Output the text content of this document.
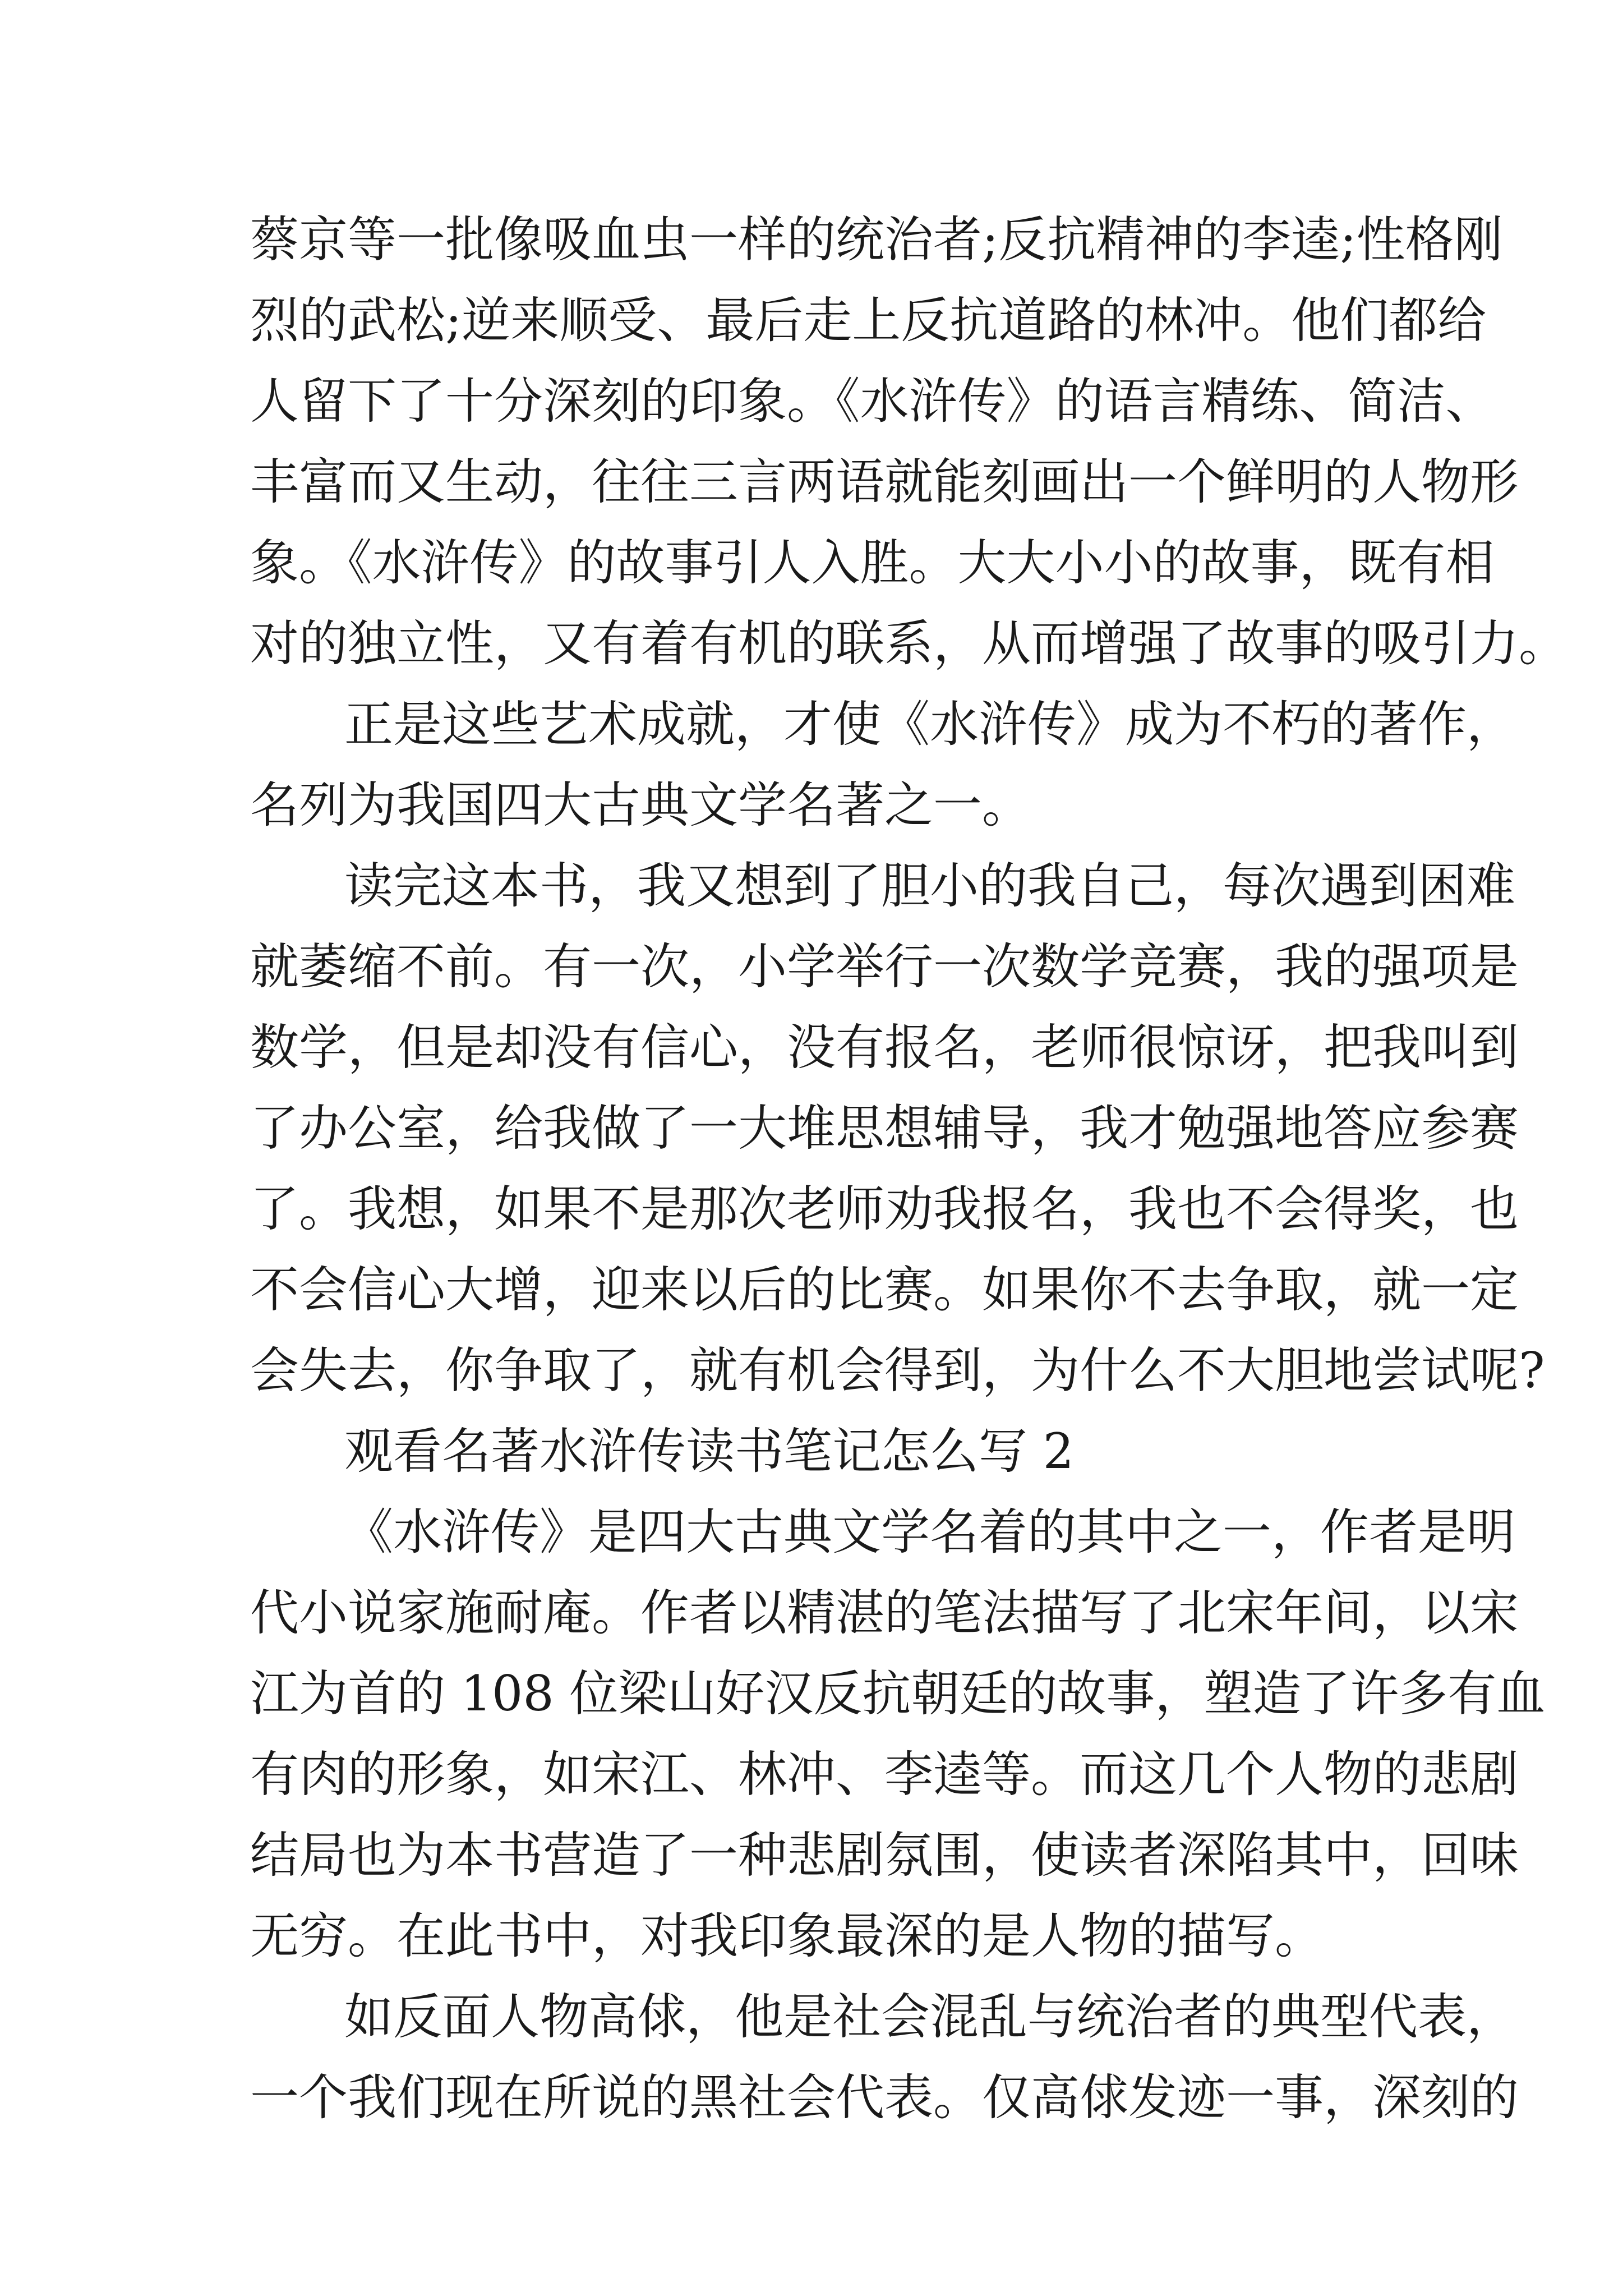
蔡京等一批像吸血虫一样的统治者;反抗精神的李逵;性格刚
烈的武松;逆来顺受、最后走上反抗道路的林冲。他们都给
人留下了十分深刻的印象。《水浒传》的语言精练、简洁、
丰富而又生动，往往三言两语就能刻画出一个鲜明的人物形
象。《水浒传》的故事引人入胜。大大小小的故事，既有相
对的独立性，又有着有机的联系，从而增强了故事的吸引力。
正是这些艺术成就，才使《水浒传》成为不朽的著作，
名列为我国四大古典文学名著之一。
读完这本书，我又想到了胆小的我自己，每次遇到困难
就萎缩不前。有一次，小学举行一次数学竞赛，我的强项是
数学，但是却没有信心，没有报名，老师很惊讶，把我叫到
了办公室，给我做了一大堆思想辅导，我才勉强地答应参赛
了。我想，如果不是那次老师劝我报名，我也不会得奖，也
不会信心大增，迎来以后的比赛。如果你不去争取，就一定
会失去，你争取了，就有机会得到，为什么不大胆地尝试呢?
观看名著水浒传读书笔记怎么写 2
《水浒传》是四大古典文学名着的其中之一，作者是明
代小说家施耐庵。作者以精湛的笔法描写了北宋年间，以宋
江为首的 108 位梁山好汉反抗朝廷的故事，塑造了许多有血
有肉的形象，如宋江、林冲、李逵等。而这几个人物的悲剧
结局也为本书营造了一种悲剧氛围，使读者深陷其中，回味
无穷。在此书中，对我印象最深的是人物的描写。
如反面人物高俅，他是社会混乱与统治者的典型代表，
一个我们现在所说的黑社会代表。仅高俅发迹一事，深刻的
